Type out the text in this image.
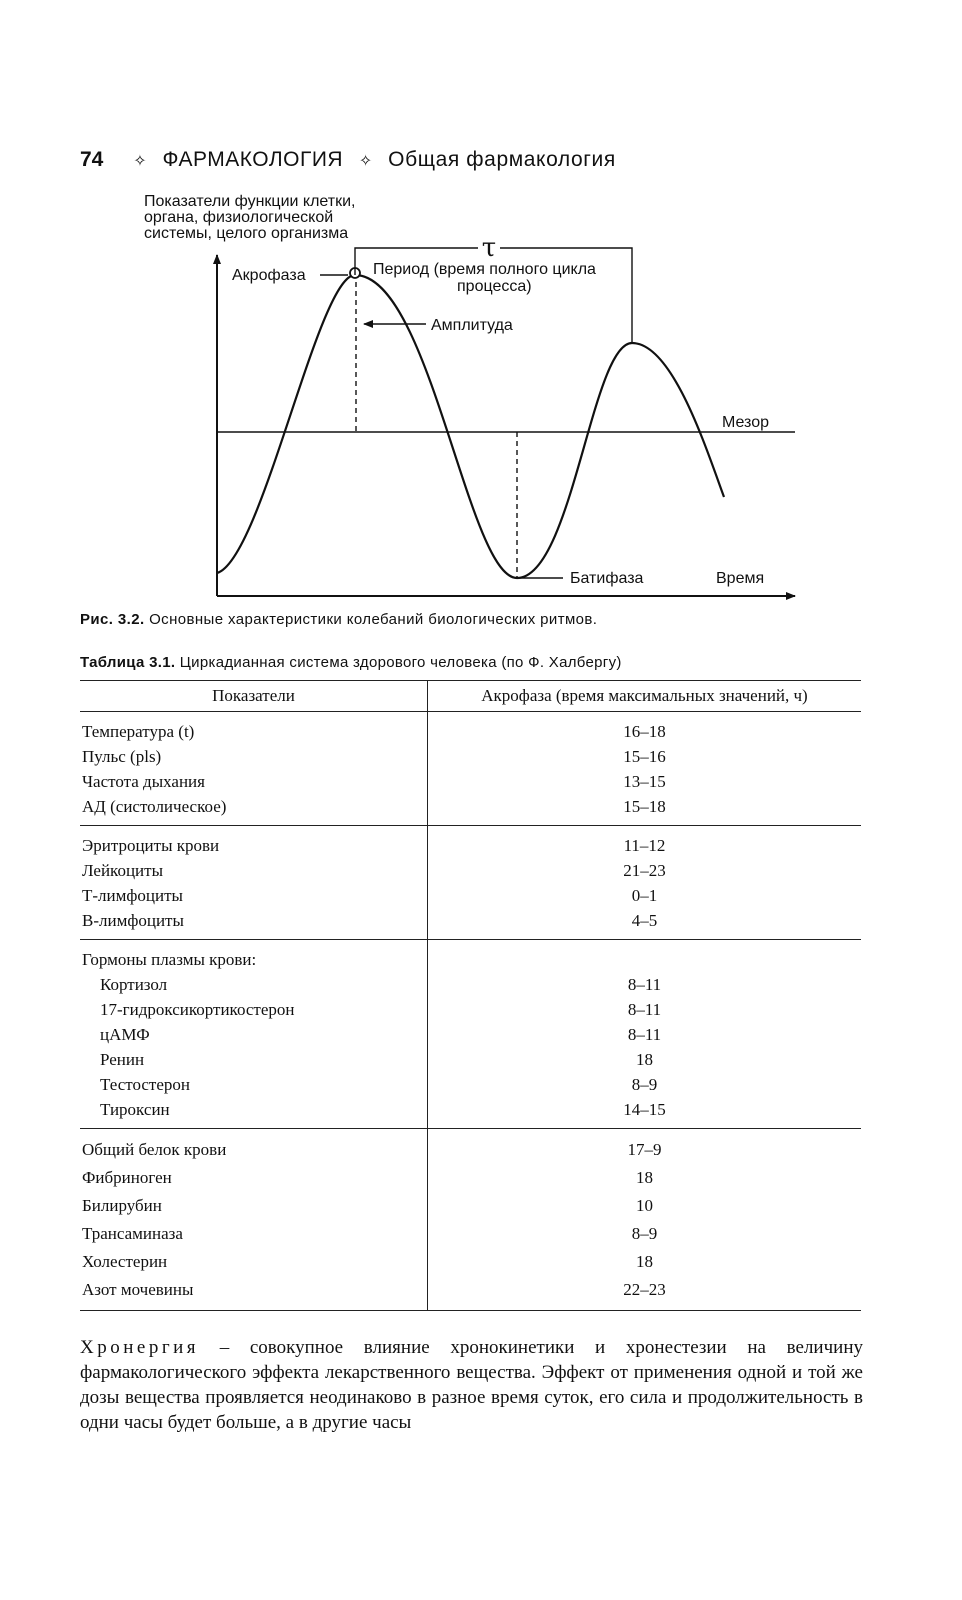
74 ✧ ФАРМАКОЛОГИЯ ✧ Общая фармакология
Показатели функции клетки, органа, физиологической системы, целого организма	τ
Акрофаза	Период (время полного цикла
процесса)
Амплитуда
Мезор
Батифаза	Время
Рис. 3.2. Основные характеристики колебаний биологических ритмов.
Таблица 3.1. Циркадианная система здорового человека (по Ф. Халбергу)
Показатели	Акрофаза (время максимальных значений, ч)
Температура (t)	16–18
Пульс (pls)	15–16
Частота дыхания	13–15
АД (систолическое)	15–18
Эритроциты крови	11–12
Лейкоциты	21–23
Т-лимфоциты	0–1
В-лимфоциты	4–5
Гормоны плазмы крови:	
Кортизол	8–11
17-гидроксикортикостерон	8–11
цАМФ	8–11
Ренин	18
Тестостерон	8–9
Тироксин	14–15
Общий белок крови	17–9
Фибриноген	18
Билирубин	10
Трансаминаза	8–9
Холестерин	18
Азот мочевины	22–23

Хронергия – совокупное влияние хронокинетики и хронестезии на величину фармакологического эффекта лекарственного вещества. Эффект от применения одной и той же дозы вещества проявляется неодинаково в разное время суток, его сила и продолжительность в одни часы будет больше, а в другие часы
